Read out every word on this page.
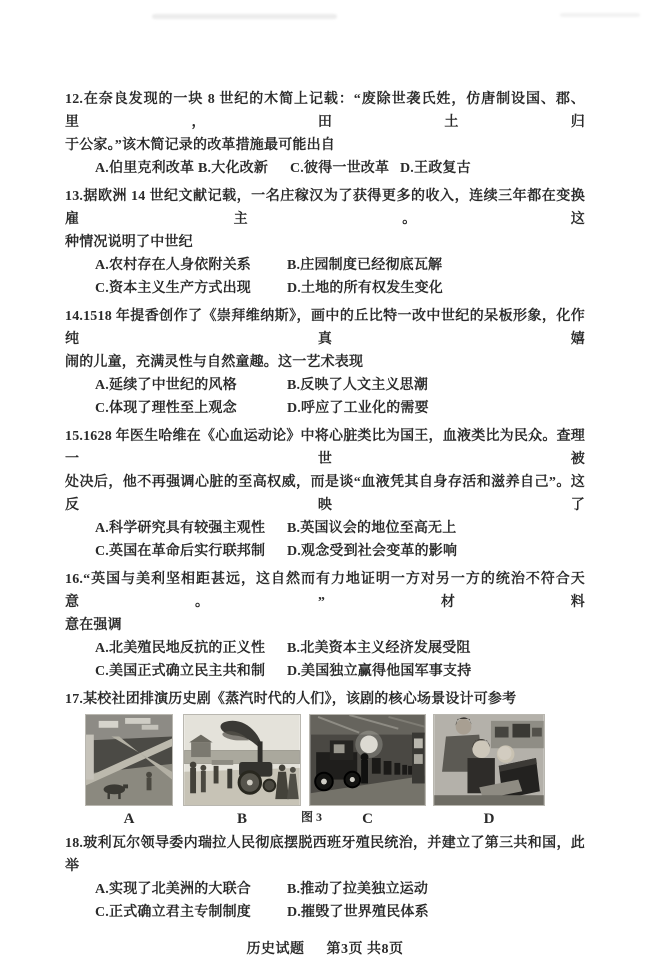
12.在奈良发现的一块 8 世纪的木简上记载：“废除世袭氏姓，仿唐制设国、郡、里，田土归

于公家。”该木简记录的改革措施最可能出自

A.伯里克利改革 B.大化改新 C.彼得一世改革 D.王政复古

13.据欧洲 14 世纪文献记载，一名庄稼汉为了获得更多的收入，连续三年都在变换雇主。这

种情况说明了中世纪

A.农村存在人身依附关系	B.庄园制度已经彻底瓦解
C.资本主义生产方式出现	D.土地的所有权发生变化

14.1518 年提香创作了《崇拜维纳斯》，画中的丘比特一改中世纪的呆板形象，化作纯真嬉

闹的儿童，充满灵性与自然童趣。这一艺术表现

A.延续了中世纪的风格	B.反映了人文主义思潮
C.体现了理性至上观念	D.呼应了工业化的需要

15.1628 年医生哈维在《心血运动论》中将心脏类比为国王，血液类比为民众。查理一世被

处决后，他不再强调心脏的至高权威，而是谈“血液凭其自身存活和滋养自己”。这反映了

A.科学研究具有较强主观性 B.英国议会的地位至高无上
C.英国在革命后实行联邦制 D.观念受到社会变革的影响

16.“英国与美利坚相距甚远，这自然而有力地证明一方对另一方的统治不符合天意。”材料

意在强调

A.北美殖民地反抗的正义性 B.北美资本主义经济发展受阻
C.美国正式确立民主共和制 D.美国独立赢得他国军事支持

17.某校社团排演历史剧《蒸汽时代的人们》，该剧的核心场景设计可参考

A	B	C	D
图 3

18.玻利瓦尔领导委内瑞拉人民彻底摆脱西班牙殖民统治，并建立了第三共和国，此举

A.实现了北美洲的大联合	B.推动了拉美独立运动
C.正式确立君主专制制度	D.摧毁了世界殖民体系
历史试题 第3页 共8页
